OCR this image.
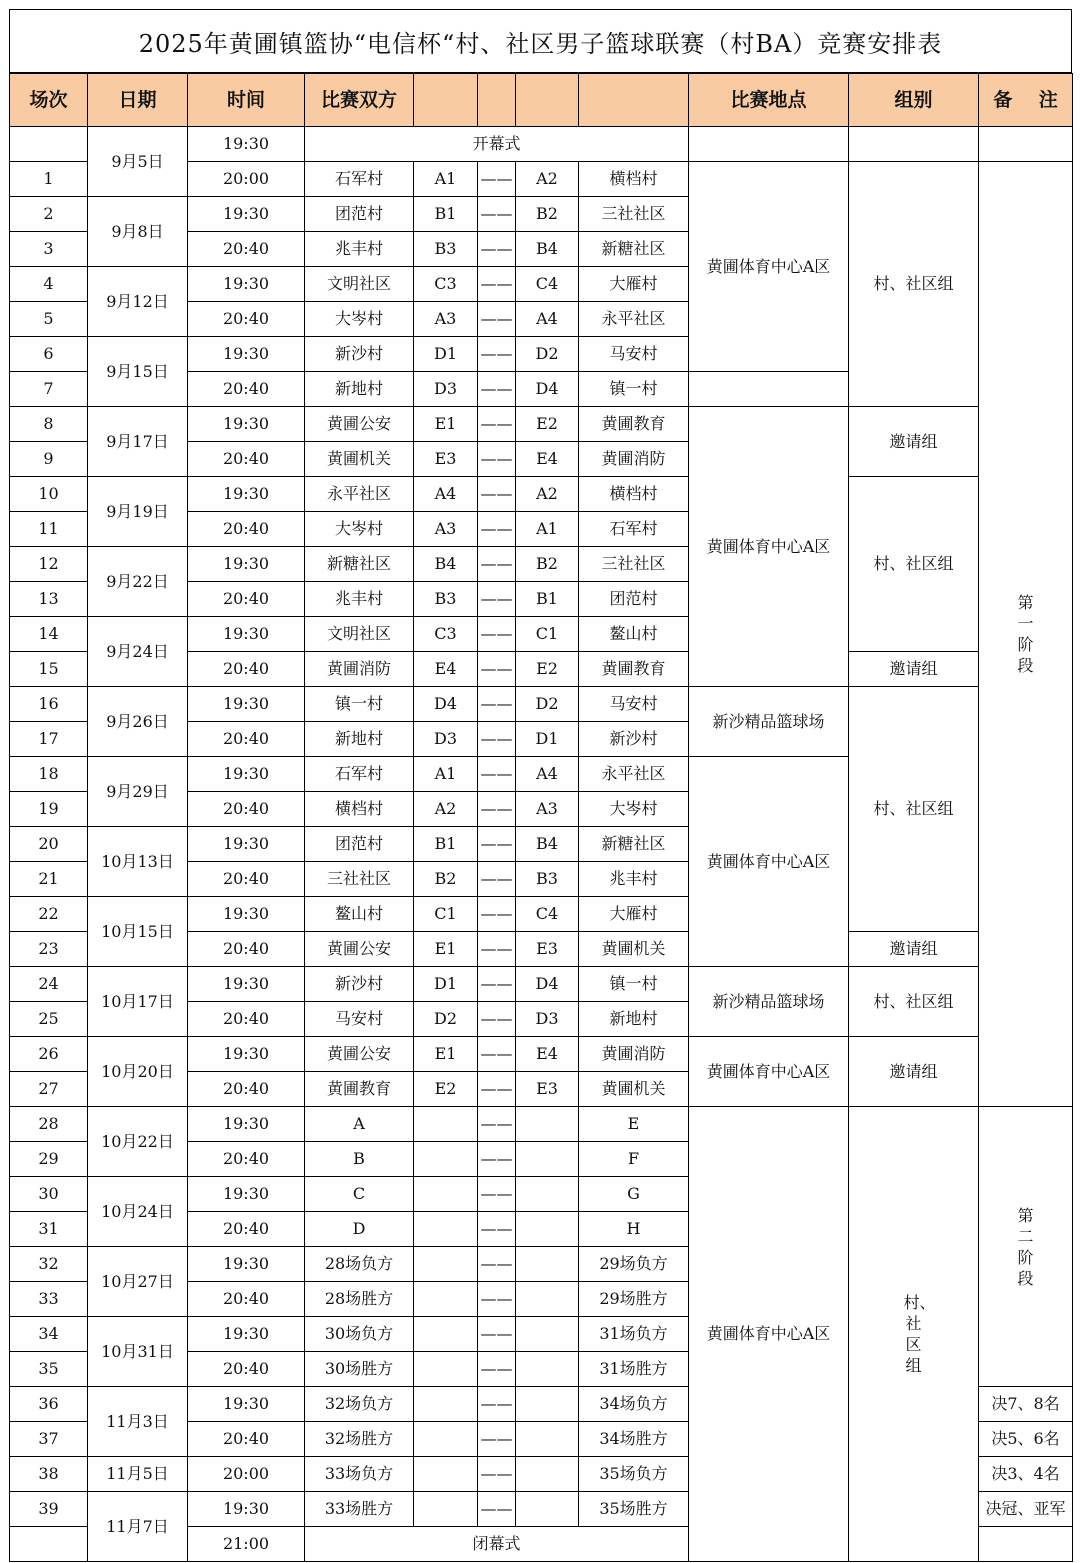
2025年黄圃镇篮协“电信杯“村、社区男子篮球联赛（村BA）竞赛安排表
场次	日期	时间	比赛双方					比赛地点	组别	备    注	
	9月5日	19:30	开幕式								
1		20:00	石军村	A1	——	A2	横档村	黄圃体育中心A区	村、社区组	第一阶段	
2	9月8日	19:30	团范村	B1	——	B2	三社社区				
3		20:40	兆丰村	B3	——	B4	新糖社区				
4	9月12日	19:30	文明社区	C3	——	C4	大雁村				
5		20:40	大岑村	A3	——	A4	永平社区				
6	9月15日	19:30	新沙村	D1	——	D2	马安村	
7		20:40	新地村	D3	——	D4	镇一村				
8	9月17日	19:30	黄圃公安	E1	——	E2	黄圃教育	黄圃体育中心A区	邀请组		
9		20:40	黄圃机关	E3	——	E4	黄圃消防				
10	9月19日	19:30	永平社区	A4	——	A2	横档村		村、社区组		
11		20:40	大岑村	A3	——	A1	石军村				
12	9月22日	19:30	新糖社区	B4	——	B2	三社社区				
13		20:40	兆丰村	B3	——	B1	团范村				
14	9月24日	19:30	文明社区	C3	——	C1	鳌山村				
15		20:40	黄圃消防	E4	——	E2	黄圃教育		邀请组		
16	9月26日	19:30	镇一村	D4	——	D2	马安村	新沙精品篮球场	村、社区组		
17		20:40	新地村	D3	——	D1	新沙村				
18	9月29日	19:30	石军村	A1	——	A4	永平社区	黄圃体育中心A区			
19		20:40	横档村	A2	——	A3	大岑村				
20	10月13日	19:30	团范村	B1	——	B4	新糖社区				
21		20:40	三社社区	B2	——	B3	兆丰村				
22	10月15日	19:30	鳌山村	C1	——	C4	大雁村				
23		20:40	黄圃公安	E1	——	E3	黄圃机关		邀请组		
24	10月17日	19:30	新沙村	D1	——	D4	镇一村	新沙精品篮球场	村、社区组		
25		20:40	马安村	D2	——	D3	新地村				
26	10月20日	19:30	黄圃公安	E1	——	E4	黄圃消防	黄圃体育中心A区	邀请组		
27		20:40	黄圃教育	E2	——	E3	黄圃机关				
28	10月22日	19:30	A		——		E	黄圃体育中心A区	村、社区组	第二阶段	
29		20:40	B		——		F				
30	10月24日	19:30	C		——		G				
31		20:40	D		——		H				
32	10月27日	19:30	28场负方		——		29场负方				
33		20:40	28场胜方		——		29场胜方				
34	10月31日	19:30	30场负方		——		31场负方				
35		20:40	30场胜方		——		31场胜方				
36	11月3日	19:30	32场负方		——		34场负方			决7、8名	
37		20:40	32场胜方		——		34场胜方			决5、6名	
38	11月5日	20:00	33场负方		——		35场负方			决3、4名	
39	11月7日	19:30	33场胜方		——		35场胜方			决冠、亚军	
		21:00	闭幕式								
